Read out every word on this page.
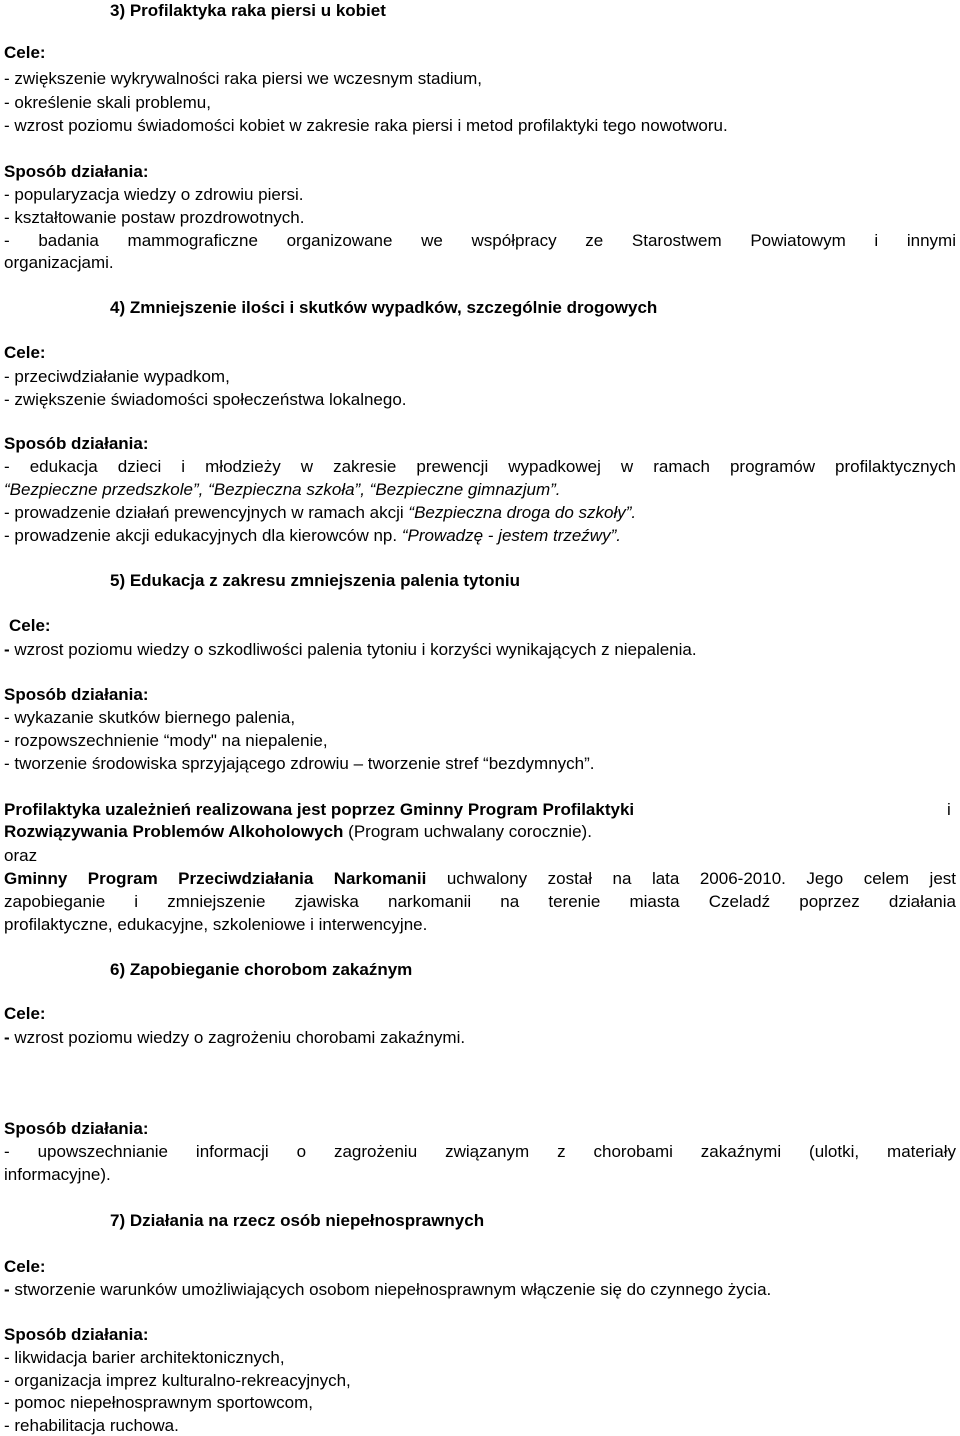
3) Profilaktyka raka piersi u kobiet
Cele:
- zwiększenie wykrywalności raka piersi we wczesnym stadium,
- określenie skali problemu,
- wzrost poziomu świadomości kobiet w zakresie raka piersi i metod profilaktyki tego nowotworu.
Sposób działania:
- popularyzacja wiedzy o zdrowiu piersi.
- kształtowanie postaw prozdrowotnych.
- badania mammograficzne organizowane we współpracy ze Starostwem Powiatowym i innymi
organizacjami.
4) Zmniejszenie ilości i skutków wypadków, szczególnie drogowych
Cele:
- przeciwdziałanie wypadkom,
- zwiększenie świadomości społeczeństwa lokalnego.
Sposób działania:
- edukacja dzieci i młodzieży w zakresie prewencji wypadkowej w ramach programów profilaktycznych
“Bezpieczne przedszkole”, “Bezpieczna szkoła”, “Bezpieczne gimnazjum”.
- prowadzenie działań prewencyjnych w ramach akcji “Bezpieczna droga do szkoły”.
- prowadzenie akcji edukacyjnych dla kierowców np. “Prowadzę - jestem trzeźwy”.
5) Edukacja z zakresu zmniejszenia palenia tytoniu
Cele:
- wzrost poziomu wiedzy o szkodliwości palenia tytoniu i korzyści wynikających z niepalenia.
Sposób działania:
- wykazanie skutków biernego palenia,
- rozpowszechnienie “mody" na niepalenie,
- tworzenie środowiska sprzyjającego zdrowiu – tworzenie stref “bezdymnych”.
Profilaktyka uzależnień realizowana jest poprzez Gminny Program Profilaktyki	i
Rozwiązywania Problemów Alkoholowych (Program uchwalany corocznie).
oraz
Gminny Program Przeciwdziałania Narkomanii uchwalony został na lata 2006-2010. Jego celem jest
zapobieganie i zmniejszenie zjawiska narkomanii na terenie miasta Czeladź poprzez działania
profilaktyczne, edukacyjne, szkoleniowe i interwencyjne.
6) Zapobieganie chorobom zakaźnym
Cele:
- wzrost poziomu wiedzy o zagrożeniu chorobami zakaźnymi.
Sposób działania:
- upowszechnianie informacji o zagrożeniu związanym z chorobami zakaźnymi (ulotki, materiały
informacyjne).
7) Działania na rzecz osób niepełnosprawnych
Cele:
- stworzenie warunków umożliwiających osobom niepełnosprawnym włączenie się do czynnego życia.
Sposób działania:
- likwidacja barier architektonicznych,
- organizacja imprez kulturalno-rekreacyjnych,
- pomoc niepełnosprawnym sportowcom,
- rehabilitacja ruchowa.
